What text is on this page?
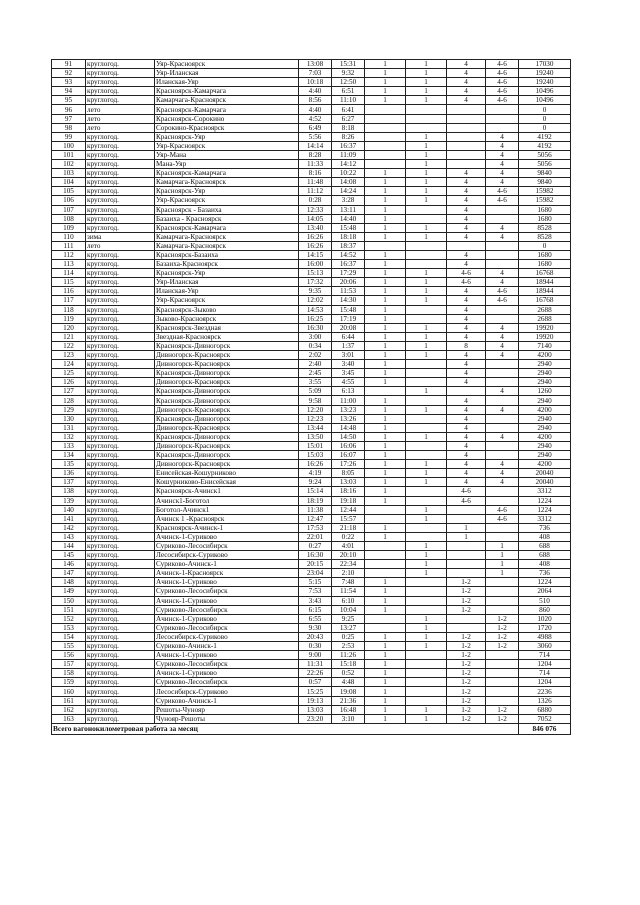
91	круглогод.	Уяр-Красноярск	13:08	15:31	1	1	4	4-6	17030
92	круглогод.	Уяр-Иланская	7:03	9:32	1	1	4	4-6	19240
93	круглогод.	Иланская-Уяр	10:18	12:50	1	1	4	4-6	19240
94	круглогод.	Красноярск-Камарчага	4:40	6:51	1	1	4	4-6	10496
95	круглогод.	Камарчага-Красноярск	8:56	11:10	1	1	4	4-6	10496
96	лето	Красноярск-Камарчага	4:40	6:41					0
97	лето	Красноярск-Сорокино	4:52	6:27					0
98	лето	Сорокино-Красноярск	6:49	8:18					0
99	круглогод.	Красноярск-Уяр	5:56	8:26		1		4	4192
100	круглогод.	Уяр-Красноярск	14:14	16:37		1		4	4192
101	круглогод.	Уяр-Мана	8:28	11:09		1		4	5056
102	круглогод.	Мана-Уяр	11:33	14:12		1		4	5056
103	круглогод.	Красноярск-Камарчага	8:16	10:22	1	1	4	4	9840
104	круглогод.	Камарчага-Красноярск	11:48	14:08	1	1	4	4	9840
105	круглогод.	Красноярск-Уяр	11:12	14:24	1	1	4	4-6	15982
106	круглогод.	Уяр-Красноярск	0:28	3:28	1	1	4	4-6	15982
107	круглогод.	Красноярск - Базаиха	12:33	13:11	1		4		1680
108	круглогод.	Базаиха - Красноярск	14:05	14:40	1		4		1680
109	круглогод.	Красноярск-Камарчага	13:40	15:48	1	1	4	4	8528
110	зима	Камарчага-Красноярск	16:26	18:18	1	1	4	4	8528
111	лето	Камарчага-Красноярск	16:26	18:37					0
112	круглогод.	Красноярск-Базаиха	14:15	14:52	1		4		1680
113	круглогод.	Базаиха-Красноярск	16:00	16:37	1		4		1680
114	круглогод.	Красноярск-Уяр	15:13	17:29	1	1	4-6	4	16768
115	круглогод.	Уяр-Иланская	17:32	20:06	1	1	4-6	4	18944
116	круглогод.	Иланская-Уяр	9:35	11:53	1	1	4	4-6	18944
117	круглогод.	Уяр-Красноярск	12:02	14:30	1	1	4	4-6	16768
118	круглогод.	Красноярск-Зыково	14:53	15:48	1		4		2688
119	круглогод.	Зыково-Красноярск	16:25	17:19	1		4		2688
120	круглогод.	Красноярск-Звездная	16:30	20:08	1	1	4	4	19920
121	круглогод.	Звездная-Красноярск	3:00	6:44	1	1	4	4	19920
122	круглогод.	Красноярск-Дивногорск	0:34	1:37	1	1	8	4	7140
123	круглогод.	Дивногорск-Красноярск	2:02	3:01	1	1	4	4	4200
124	круглогод.	Дивногорск-Красноярск	2:40	3:40	1		4		2940
125	круглогод.	Красноярск-Дивногорск	2:45	3:45	1		4		2940
126	круглогод.	Дивногорск-Красноярск	3:55	4:55	1		4		2940
127	круглогод.	Красноярск-Дивногорск	5:09	6:13		1		4	1260
128	круглогод.	Красноярск-Дивногорск	9:58	11:00	1		4		2940
129	круглогод.	Дивногорск-Красноярск	12:20	13:23	1	1	4	4	4200
130	круглогод.	Красноярск-Дивногорск	12:23	13:26	1		4		2940
131	круглогод.	Дивногорск-Красноярск	13:44	14:48	1		4		2940
132	круглогод.	Красноярск-Дивногорск	13:50	14:50	1	1	4	4	4200
133	круглогод.	Дивногорск-Красноярск	15:01	16:06	1		4		2940
134	круглогод.	Красноярск-Дивногорск	15:03	16:07	1		4		2940
135	круглогод.	Дивногорск-Красноярск	16:26	17:26	1	1	4	4	4200
136	круглогод.	Енисейская-Кошурниково	4:19	8:05	1	1	4	4	20040
137	круглогод.	Кошурниково-Енисейская	9:24	13:03	1	1	4	4	20040
138	круглогод.	Красноярск-Ачинск1	15:14	18:16	1		4-6		3312
139	круглогод.	Ачинск1-Боготол	18:19	19:18	1		4-6		1224
140	круглогод.	Боготол-Ачинск1	11:38	12:44		1		4-6	1224
141	круглогод.	Ачинск 1 -Красноярск	12:47	15:57		1		4-6	3312
142	круглогод.	Красноярск-Ачинск-1	17:53	21:18	1		1		736
143	круглогод.	Ачинск-1-Суриково	22:01	0:22	1		1		408
144	круглогод.	Суриково-Лесосибирск	0:27	4:01		1		1	688
145	круглогод.	Лесосибирск-Суриково	16:30	20:10		1		1	688
146	круглогод.	Суриково-Ачинск-1	20:15	22:34		1		1	408
147	круглогод.	Ачинск-1-Красноярск	23:04	2:10		1		1	736
148	круглогод.	Ачинск-1-Суриково	5:15	7:48	1		1-2		1224
149	круглогод.	Суриково-Лесосибирск	7:53	11:54	1		1-2		2064
150	круглогод.	Ачинск-1-Суриково	3:43	6:10	1		1-2		510
151	круглогод.	Суриково-Лесосибирск	6:15	10:04	1		1-2		860
152	круглогод.	Ачинск-1-Суриково	6:55	9:25		1		1-2	1020
153	круглогод.	Суриково-Лесосибирск	9:30	13:27		1		1-2	1720
154	круглогод.	Лесосибирск-Суриково	20:43	0:25	1	1	1-2	1-2	4988
155	круглогод.	Суриково-Ачинск-1	0:30	2:53	1	1	1-2	1-2	3060
156	круглогод.	Ачинск-1-Суриково	9:00	11:26	1		1-2		714
157	круглогод.	Суриково-Лесосибирск	11:31	15:18	1		1-2		1204
158	круглогод.	Ачинск-1-Суриково	22:26	0:52	1		1-2		714
159	круглогод.	Суриково-Лесосибирск	0:57	4:48	1		1-2		1204
160	круглогод.	Лесосибирск-Суриково	15:25	19:08	1		1-2		2236
161	круглогод.	Суриково-Ачинск-1	19:13	21:36	1		1-2		1326
162	круглогод.	Решоты-Чунояр	13:03	16:48	1	1	1-2	1-2	6880
163	круглогод.	Чунояр-Решоты	23:20	3:10	1	1	1-2	1-2	7052
Всего вагонокилометровая работа за месяц									846 076
